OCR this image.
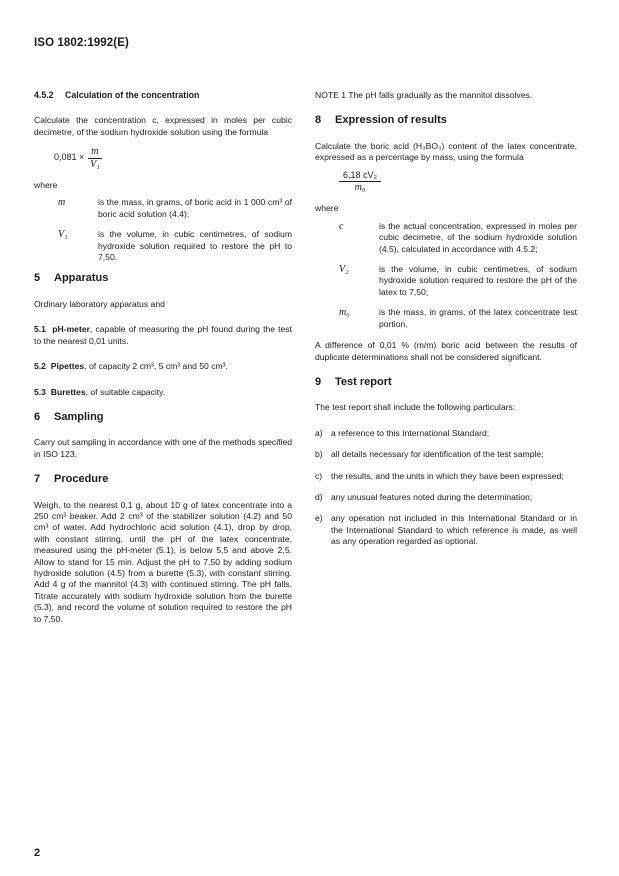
ISO 1802:1992(E)
4.5.2 Calculation of the concentration

Calculate the concentration c, expressed in moles per cubic decimetre, of the sodium hydroxide solution using the formula

$0,081 \times \frac{m}{\text{V₁}}$

where

m	is the mass, in grams, of boric acid in 1 000 cm³ of boric acid solution (4.4);
V₁	is the volume, in cubic centimetres, of sodium hydroxide solution required to restore the pH to 7,50.
5 Apparatus

Ordinary laboratory apparatus and

5.1 pH-meter, capable of measuring the pH found during the test to the nearest 0,01 units.

5.2 Pipettes, of capacity 2 cm³, 5 cm³ and 50 cm³.

5.3 Burettes, of suitable capacity.

6 Sampling

Carry out sampling in accordance with one of the methods specified in ISO 123.

7 Procedure

Weigh, to the nearest 0,1 g, about 10 g of latex concentrate into a 250 cm³ beaker. Add 2 cm³ of the stabilizer solution (4.2) and 50 cm³ of water. Add hydrochloric acid solution (4.1), drop by drop, with constant stirring, until the pH of the latex concentrate, measured using the pH-meter (5.1), is below 5,5 and above 2,5. Allow to stand for 15 min. Adjust the pH to 7,50 by adding sodium hydroxide solution (4.5) from a burette (5.3), with constant stirring. Add 4 g of the mannitol (4.3) with continued stirring. The pH falls. Titrate accurately with sodium hydroxide solution from the burette (5.3), and record the volume of solution required to restore the pH to 7,50.

NOTE 1 The pH falls gradually as the mannitol dissolves.

8 Expression of results

Calculate the boric acid (H₃BO₃) content of the latex concentrate, expressed as a percentage by mass, using the formula

$\frac{\text{6,18 cV₂}}{\text{m₀}}$

where

c	is the actual concentration, expressed in moles per cubic decimetre, of the sodium hydroxide solution (4.5), calculated in accordance with 4.5.2;
V₂	is the volume, in cubic centimetres, of sodium hydroxide solution required to restore the pH of the latex to 7,50;
m₀	is the mass, in grams, of the latex concentrate test portion.

A difference of 0,01 % (m/m) boric acid between the results of duplicate determinations shall not be considered significant.

9 Test report

The test report shall include the following particulars:

a) a reference to this International Standard;
b) all details necessary for identification of the test sample;
c)	the results, and the units in which they have been expressed;
d) any unusual features noted during the determination;
e) any operation not included in this International Standard or in the International Standard to which reference is made, as well as any operation regarded as optional.
2
